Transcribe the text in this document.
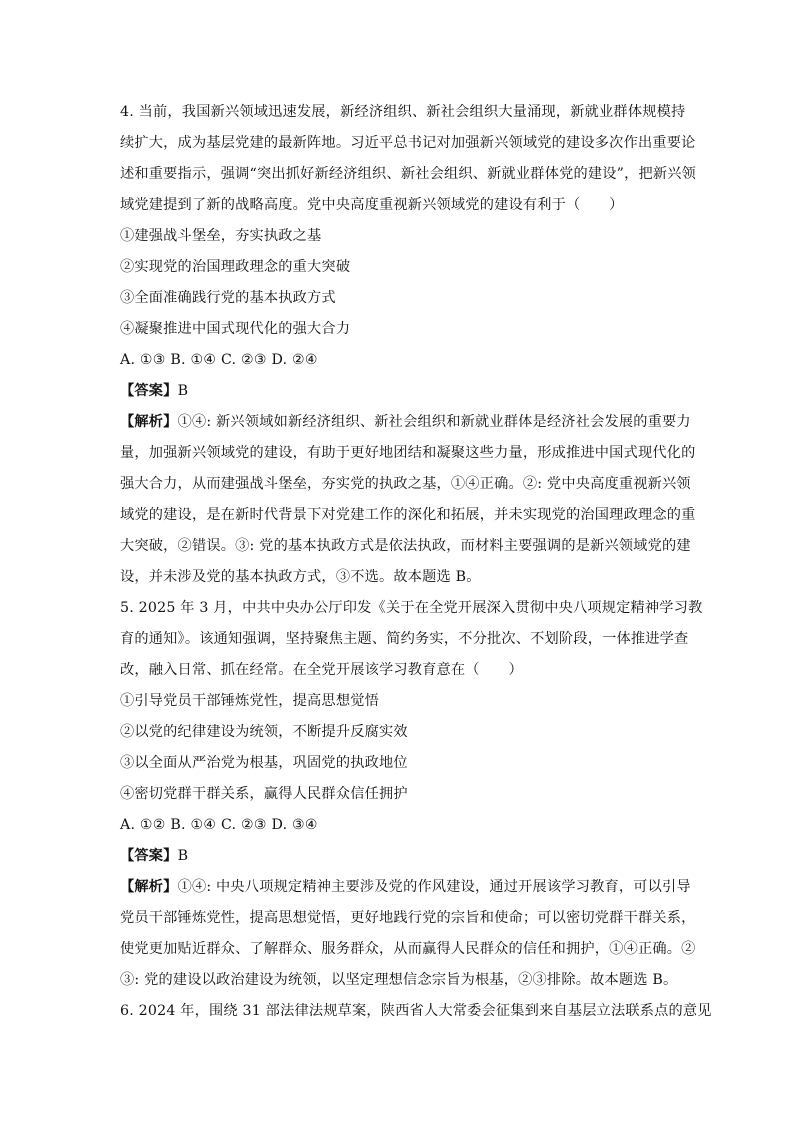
4. 当前，我国新兴领域迅速发展，新经济组织、新社会组织大量涌现，新就业群体规模持
续扩大，成为基层党建的最新阵地。习近平总书记对加强新兴领域党的建设多次作出重要论
述和重要指示，强调“突出抓好新经济组织、新社会组织、新就业群体党的建设”，把新兴领
域党建提到了新的战略高度。党中央高度重视新兴领域党的建设有利于（　　）
①建强战斗堡垒，夯实执政之基
②实现党的治国理政理念的重大突破
③全面准确践行党的基本执政方式
④凝聚推进中国式现代化的强大合力
A. ①③ B. ①④ C. ②③ D. ②④
【答案】B
【解析】①④: 新兴领域如新经济组织、新社会组织和新就业群体是经济社会发展的重要力
量，加强新兴领域党的建设，有助于更好地团结和凝聚这些力量，形成推进中国式现代化的
强大合力，从而建强战斗堡垒，夯实党的执政之基，①④正确。②: 党中央高度重视新兴领
域党的建设，是在新时代背景下对党建工作的深化和拓展，并未实现党的治国理政理念的重
大突破，②错误。③: 党的基本执政方式是依法执政，而材料主要强调的是新兴领域党的建
设，并未涉及党的基本执政方式，③不选。故本题选 B。
5. 2025 年 3 月，中共中央办公厅印发《关于在全党开展深入贯彻中央八项规定精神学习教
育的通知》。该通知强调，坚持聚焦主题、简约务实，不分批次、不划阶段，一体推进学查
改，融入日常、抓在经常。在全党开展该学习教育意在（　　）
①引导党员干部锤炼党性，提高思想觉悟
②以党的纪律建设为统领，不断提升反腐实效
③以全面从严治党为根基，巩固党的执政地位
④密切党群干群关系，赢得人民群众信任拥护
A. ①② B. ①④ C. ②③ D. ③④
【答案】B
【解析】①④: 中央八项规定精神主要涉及党的作风建设，通过开展该学习教育，可以引导
党员干部锤炼党性，提高思想觉悟，更好地践行党的宗旨和使命；可以密切党群干群关系，
使党更加贴近群众、了解群众、服务群众，从而赢得人民群众的信任和拥护，①④正确。②
③: 党的建设以政治建设为统领，以坚定理想信念宗旨为根基，②③排除。故本题选 B。
6. 2024 年，围绕 31 部法律法规草案，陕西省人大常委会征集到来自基层立法联系点的意见
